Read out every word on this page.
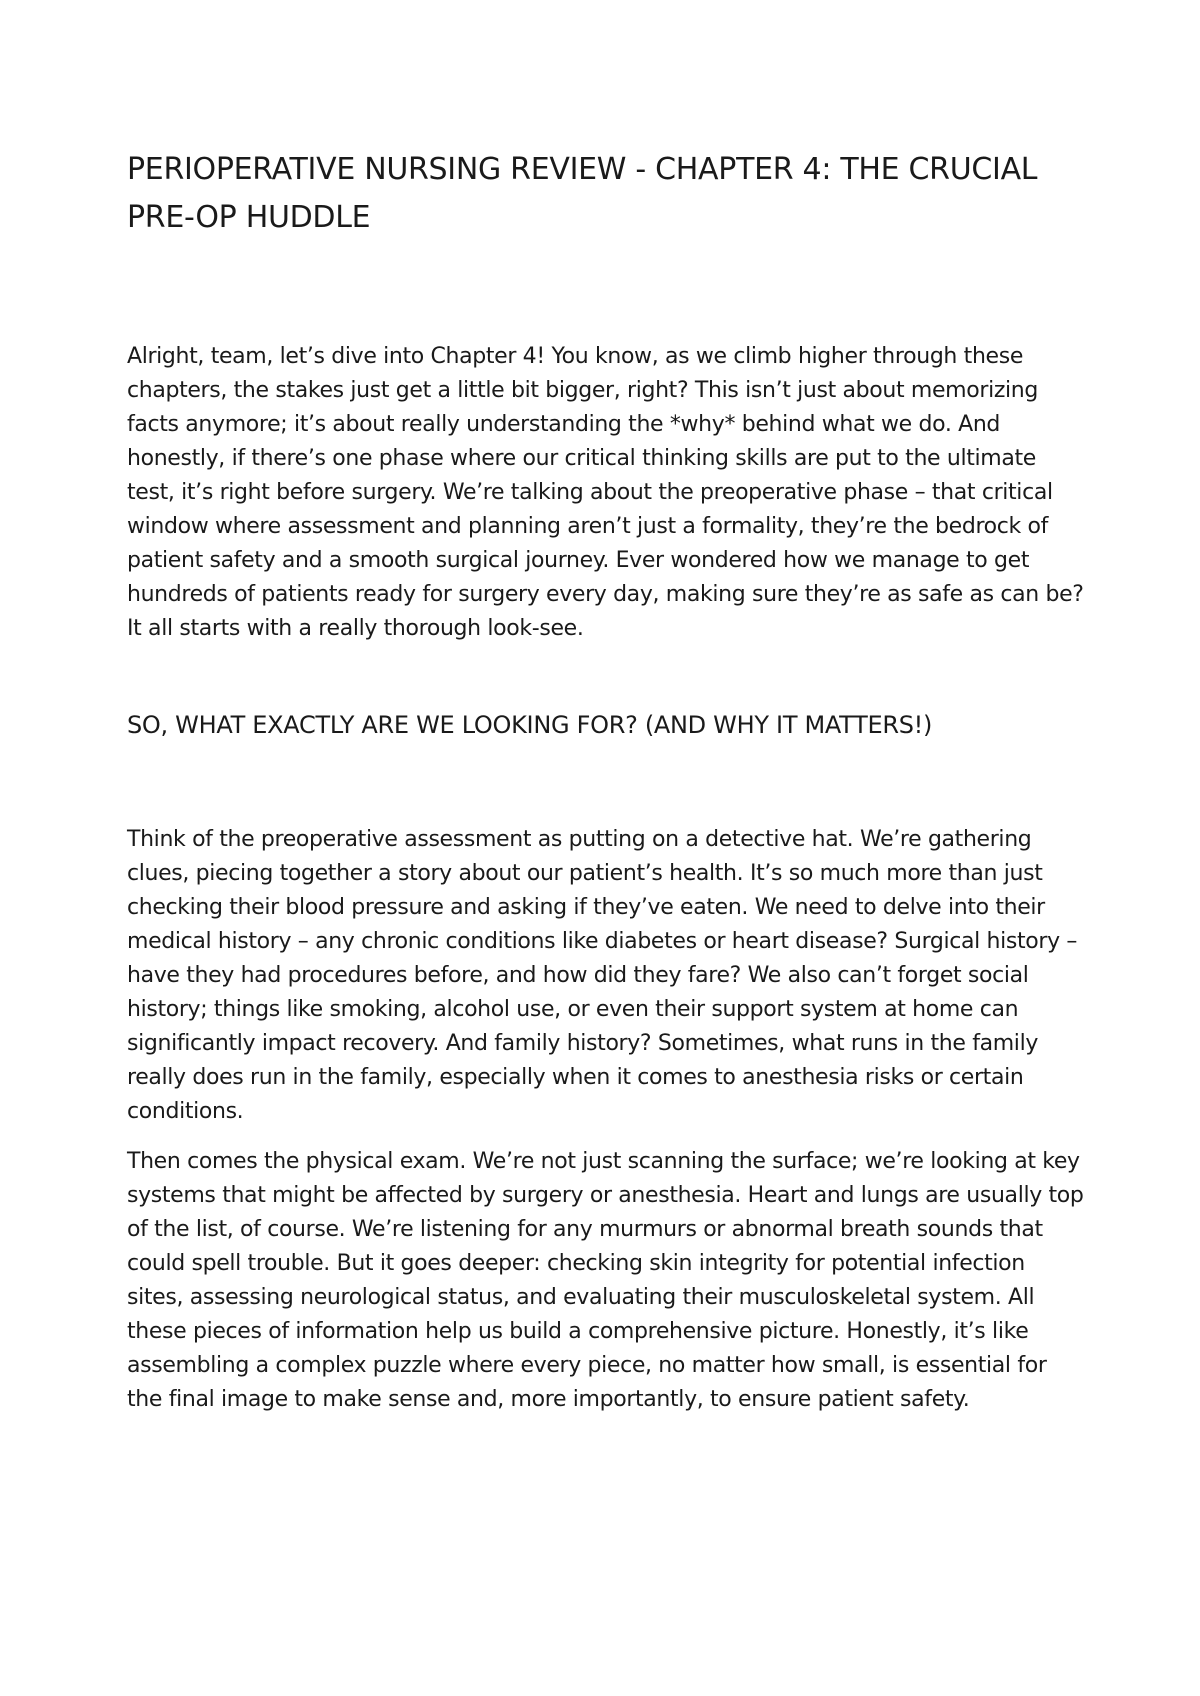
PERIOPERATIVE NURSING REVIEW - CHAPTER 4: THE CRUCIAL PRE-OP HUDDLE

Alright, team, let’s dive into Chapter 4! You know, as we climb higher through these chapters, the stakes just get a little bit bigger, right? This isn’t just about memorizing facts anymore; it’s about really understanding the *why* behind what we do. And honestly, if there’s one phase where our critical thinking skills are put to the ultimate test, it’s right before surgery. We’re talking about the preoperative phase – that critical window where assessment and planning aren’t just a formality, they’re the bedrock of patient safety and a smooth surgical journey. Ever wondered how we manage to get hundreds of patients ready for surgery every day, making sure they’re as safe as can be? It all starts with a really thorough look-see.

SO, WHAT EXACTLY ARE WE LOOKING FOR? (AND WHY IT MATTERS!)

Think of the preoperative assessment as putting on a detective hat. We’re gathering clues, piecing together a story about our patient’s health. It’s so much more than just checking their blood pressure and asking if they’ve eaten. We need to delve into their medical history – any chronic conditions like diabetes or heart disease? Surgical history – have they had procedures before, and how did they fare? We also can’t forget social history; things like smoking, alcohol use, or even their support system at home can significantly impact recovery. And family history? Sometimes, what runs in the family really does run in the family, especially when it comes to anesthesia risks or certain conditions.

Then comes the physical exam. We’re not just scanning the surface; we’re looking at key systems that might be affected by surgery or anesthesia. Heart and lungs are usually top of the list, of course. We’re listening for any murmurs or abnormal breath sounds that could spell trouble. But it goes deeper: checking skin integrity for potential infection sites, assessing neurological status, and evaluating their musculoskeletal system. All these pieces of information help us build a comprehensive picture. Honestly, it’s like assembling a complex puzzle where every piece, no matter how small, is essential for the final image to make sense and, more importantly, to ensure patient safety.
